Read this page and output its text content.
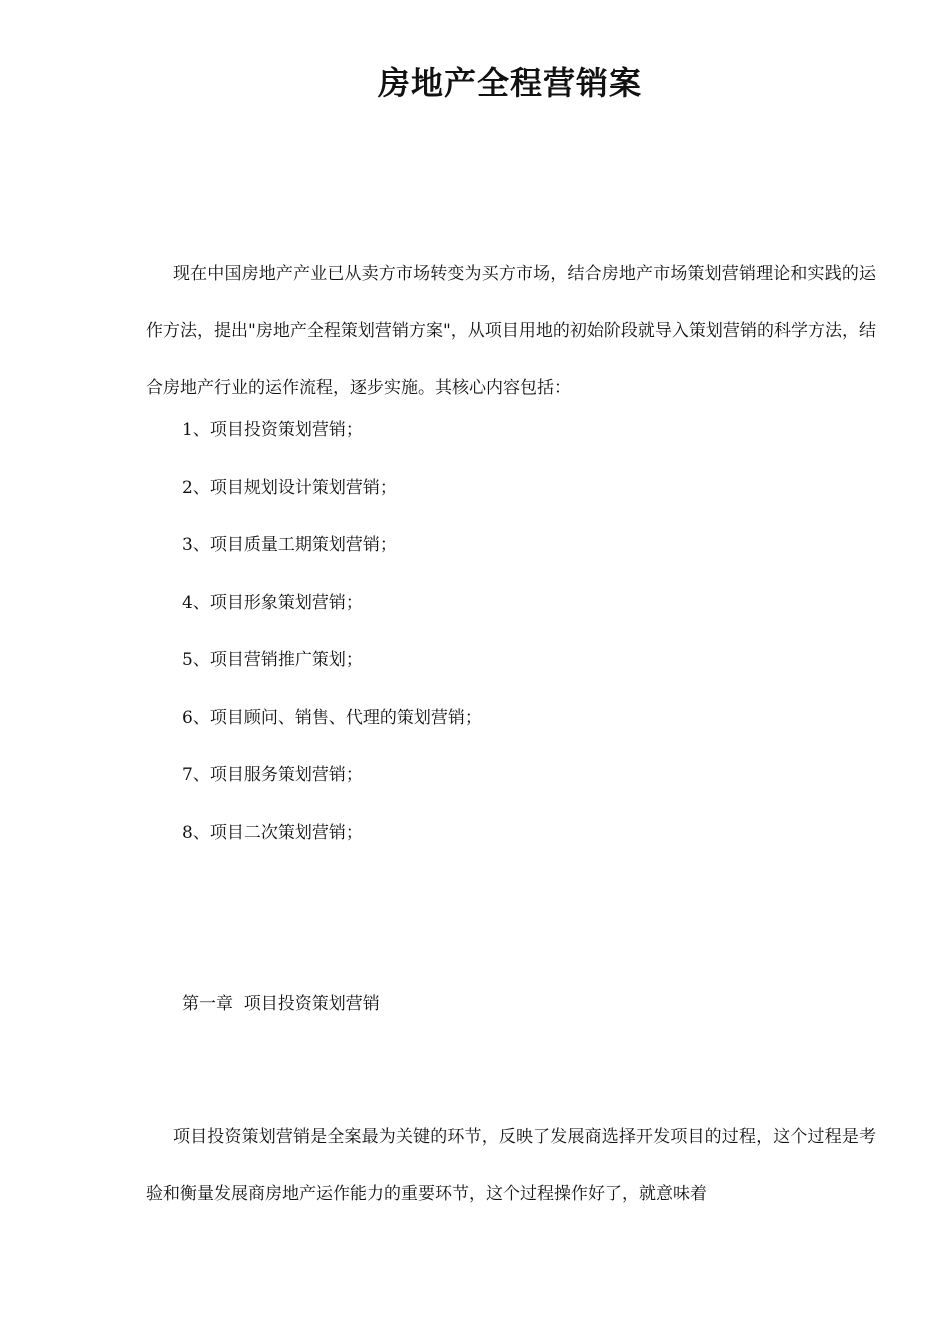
房地产全程营销案

现在中国房地产产业已从卖方市场转变为买方市场，结合房地产市场策划营销理论和实践的运作方法，提出"房地产全程策划营销方案"，从项目用地的初始阶段就导入策划营销的科学方法，结合房地产行业的运作流程，逐步实施。其核心内容包括：

1、项目投资策划营销；
2、项目规划设计策划营销；
3、项目质量工期策划营销；
4、项目形象策划营销；
5、项目营销推广策划；
6、项目顾问、销售、代理的策划营销；
7、项目服务策划营销；
8、项目二次策划营销；
第一章  项目投资策划营销

项目投资策划营销是全案最为关键的环节，反映了发展商选择开发项目的过程，这个过程是考验和衡量发展商房地产运作能力的重要环节，这个过程操作好了，就意味着
